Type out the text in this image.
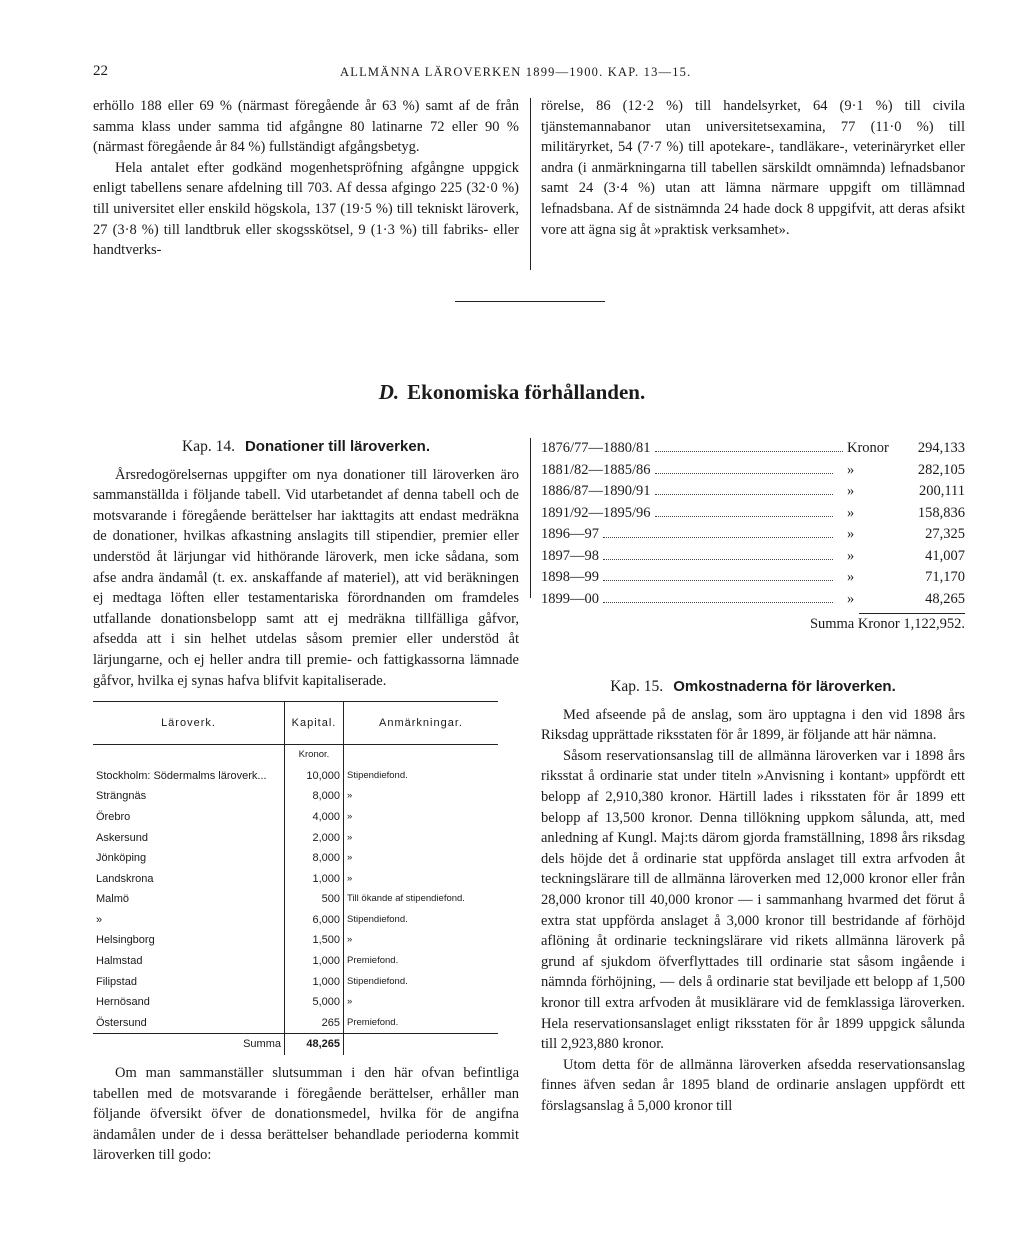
22	ALLMÄNNA LÄROVERKEN 1899—1900. KAP. 13—15.

erhöllo 188 eller 69 % (närmast föregående år 63 %) samt af de från samma klass under samma tid afgångne 80 latinarne 72 eller 90 % (närmast föregående år 84 %) fullständigt afgångsbetyg.

Hela antalet efter godkänd mogenhetspröfning afgångne uppgick enligt tabellens senare afdelning till 703. Af dessa afgingo 225 (32·0 %) till universitet eller enskild högskola, 137 (19·5 %) till tekniskt läroverk, 27 (3·8 %) till landtbruk eller skogsskötsel, 9 (1·3 %) till fabriks- eller handtverks-

rörelse, 86 (12·2 %) till handelsyrket, 64 (9·1 %) till civila tjänstemannabanor utan universitetsexamina, 77 (11·0 %) till militäryrket, 54 (7·7 %) till apotekare-, tandläkare-, veterinäryrket eller andra (i anmärkningarna till tabellen särskildt omnämnda) lefnadsbanor samt 24 (3·4 %) utan att lämna närmare uppgift om tillämnad lefnadsbana. Af de sistnämnda 24 hade dock 8 uppgifvit, att deras afsikt vore att ägna sig åt »praktisk verksamhet».

D. Ekonomiska förhållanden.
Kap. 14. Donationer till läroverken.

Årsredogörelsernas uppgifter om nya donationer till läroverken äro sammanställda i följande tabell. Vid utarbetandet af denna tabell och de motsvarande i föregående berättelser har iakttagits att endast medräkna de donationer, hvilkas afkastning anslagits till stipendier, premier eller understöd åt lärjungar vid hithörande läroverk, men icke sådana, som afse andra ändamål (t. ex. anskaffande af materiel), att vid beräkningen ej medtaga löften eller testamentariska förordnanden om framdeles utfallande donationsbelopp samt att ej medräkna tillfälliga gåfvor, afsedda att i sin helhet utdelas såsom premier eller understöd åt lärjungarne, och ej heller andra till premie- och fattigkassorna lämnade gåfvor, hvilka ej synas hafva blifvit kapitaliserade.

Läroverk.	Kapital.	Anmärkningar.
	Kronor.	
Stockholm: Södermalms läroverk...	10,000	Stipendiefond.
Strängnäs	8,000	»
Örebro	4,000	»
Askersund	2,000	»
Jönköping	8,000	»
Landskrona	1,000	»
Malmö	500	Till ökande af stipendiefond.
»	6,000	Stipendiefond.
Helsingborg	1,500	»
Halmstad	1,000	Premiefond.
Filipstad	1,000	Stipendiefond.
Hernösand	5,000	»
Östersund	265	Premiefond.
Summa	48,265	

Om man sammanställer slutsumman i den här ofvan befintliga tabellen med de motsvarande i föregående berättelser, erhåller man följande öfversikt öfver de donationsmedel, hvilka för de angifna ändamålen under de i dessa berättelser behandlade perioderna kommit läroverken till godo:

1876/77—1880/81	Kronor	294,133
1881/82—1885/86	»	282,105
1886/87—1890/91	»	200,111
1891/92—1895/96	»	158,836
1896—97	»	27,325
1897—98	»	41,007
1898—99	»	71,170
1899—00	»	48,265
Summa Kronor 1,122,952.
Kap. 15. Omkostnaderna för läroverken.

Med afseende på de anslag, som äro upptagna i den vid 1898 års Riksdag upprättade riksstaten för år 1899, är följande att här nämna.

Såsom reservationsanslag till de allmänna läroverken var i 1898 års riksstat å ordinarie stat under titeln »Anvisning i kontant» uppfördt ett belopp af 2,910,380 kronor. Härtill lades i riksstaten för år 1899 ett belopp af 13,500 kronor. Denna tillökning uppkom sålunda, att, med anledning af Kungl. Maj:ts därom gjorda framställning, 1898 års riksdag dels höjde det å ordinarie stat uppförda anslaget till extra arfvoden åt teckningslärare till de allmänna läroverken med 12,000 kronor eller från 28,000 kronor till 40,000 kronor — i sammanhang hvarmed det förut å extra stat uppförda anslaget å 3,000 kronor till bestridande af förhöjd aflöning åt ordinarie teckningslärare vid rikets allmänna läroverk på grund af sjukdom öfverflyttades till ordinarie stat såsom ingående i nämnda förhöjning, — dels å ordinarie stat beviljade ett belopp af 1,500 kronor till extra arfvoden åt musiklärare vid de femklassiga läroverken. Hela reservationsanslaget enligt riksstaten för år 1899 uppgick sålunda till 2,923,880 kronor.

Utom detta för de allmänna läroverken afsedda reservationsanslag finnes äfven sedan år 1895 bland de ordinarie anslagen uppfördt ett förslagsanslag å 5,000 kronor till
